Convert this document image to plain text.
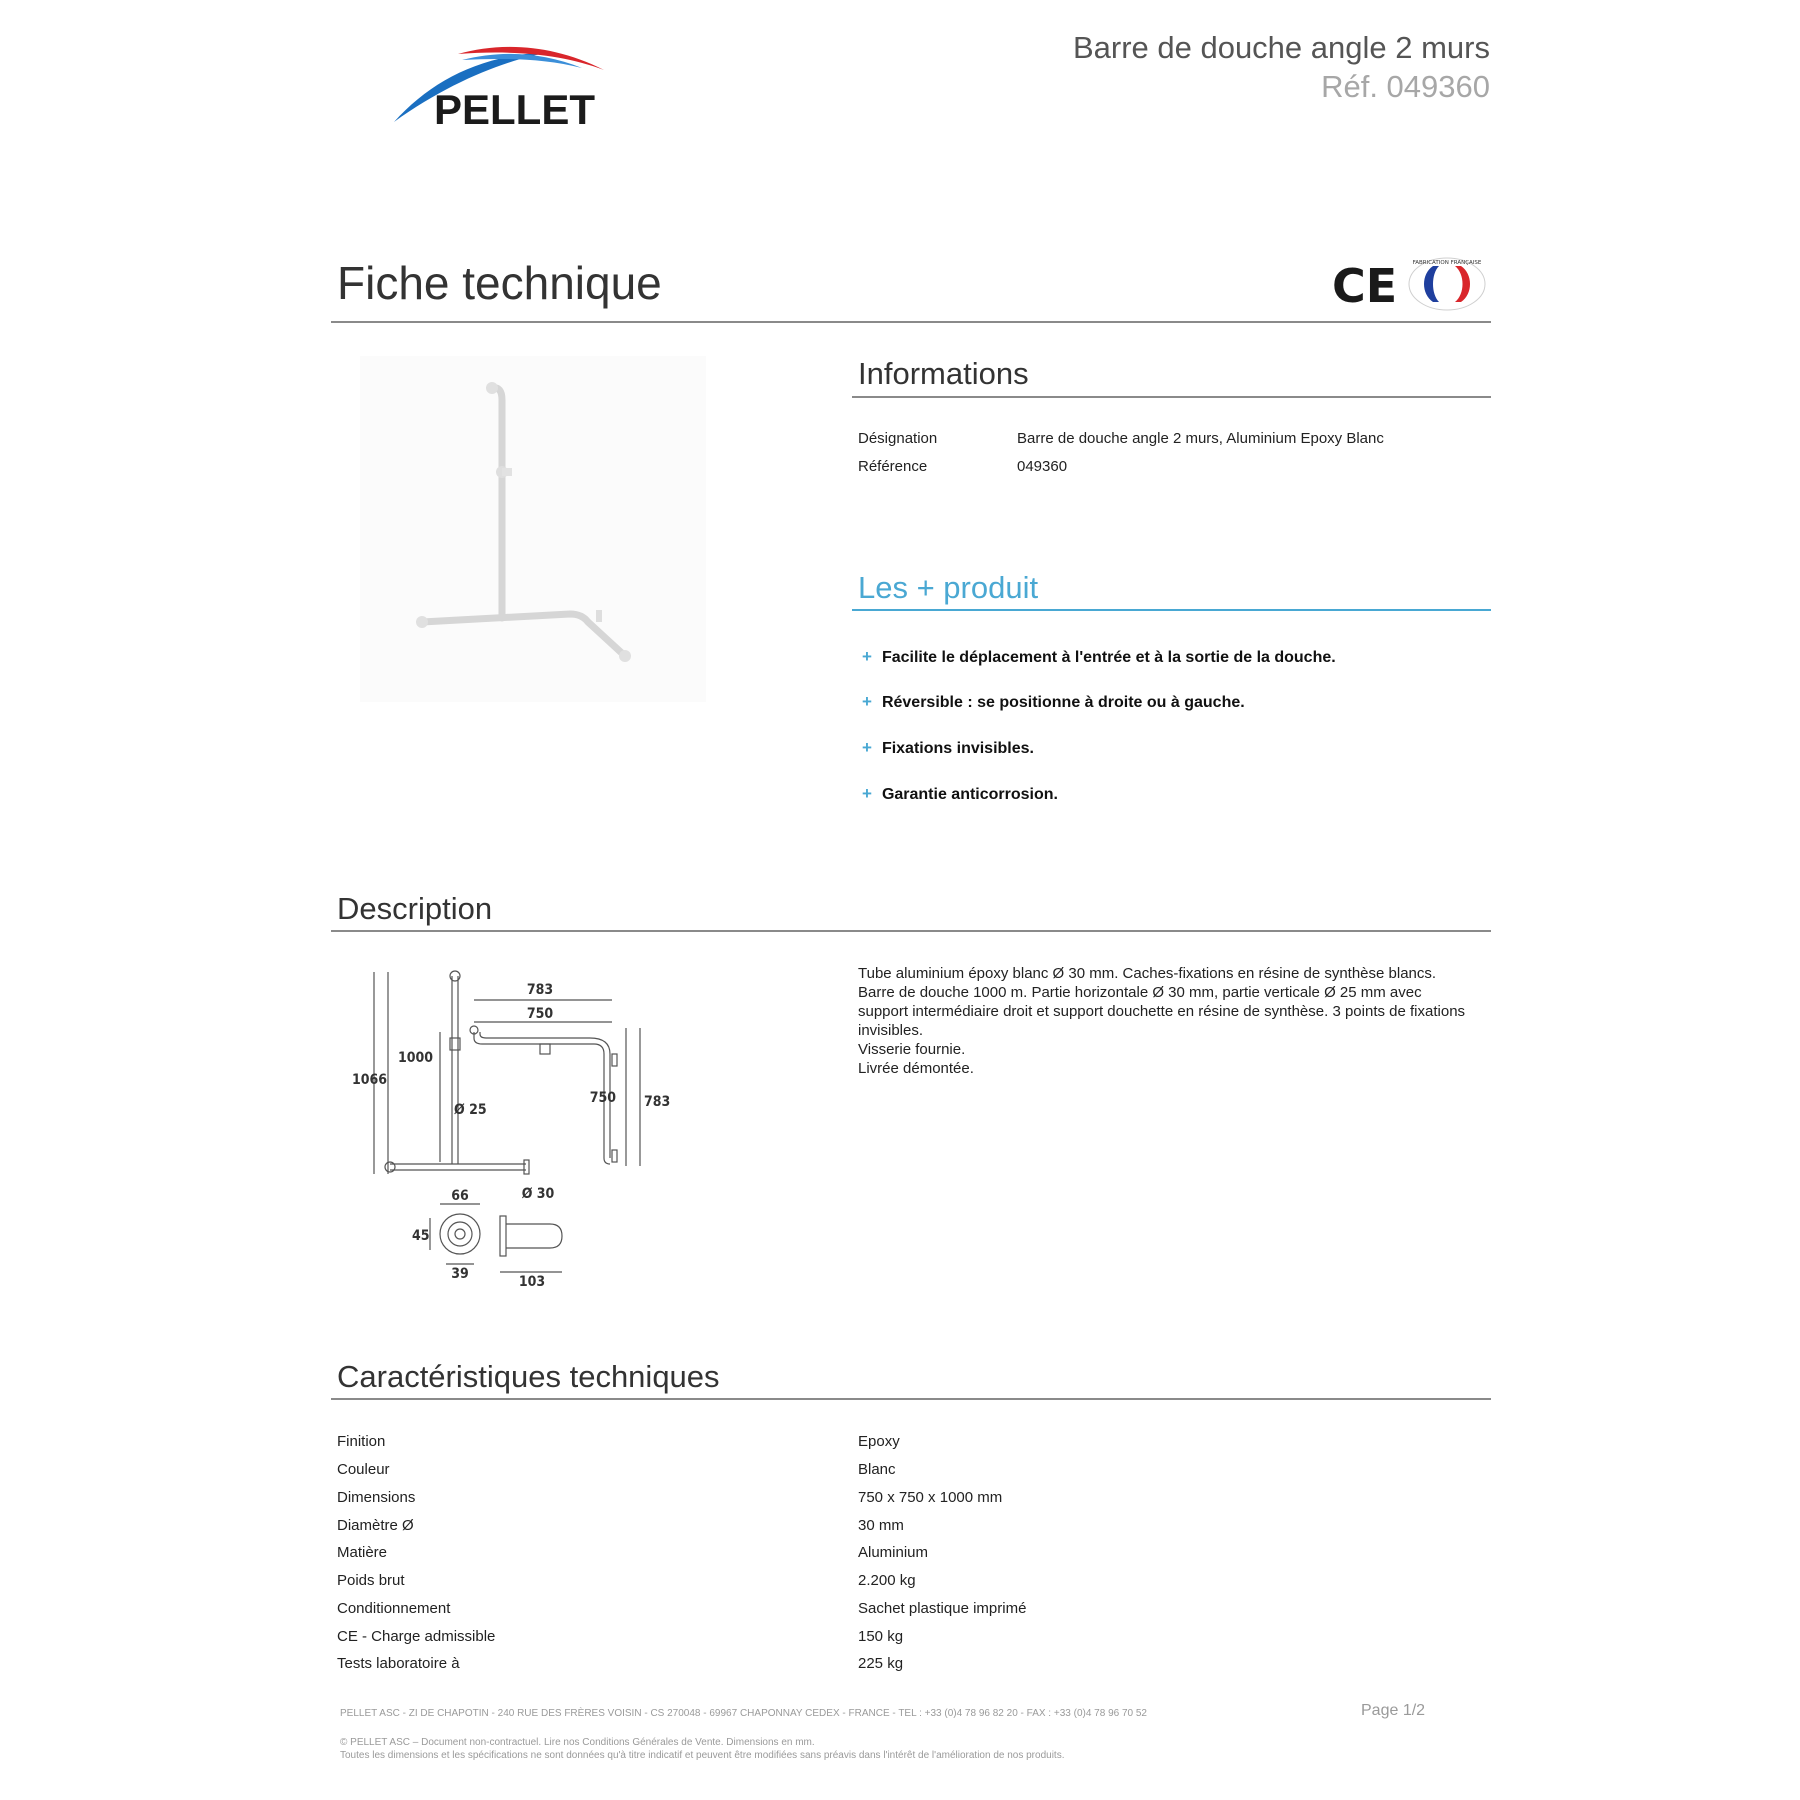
PELLET
Barre de douche angle 2 murs
Réf. 049360
Fiche technique	CE	FABRICATION FRANÇAISE
Informations
Désignation	Barre de douche angle 2 murs, Aluminium Epoxy Blanc
Référence	049360
Les + produit
+ Facilite le déplacement à l'entrée et à la sortie de la douche.
+ Réversible : se positionne à droite ou à gauche.
+ Fixations invisibles.
+ Garantie anticorrosion.
Description
783
750
1000
1066
Ø 25
750 783
66	Ø 30
45
39	103
Tube aluminium époxy blanc Ø 30 mm. Caches-fixations en résine de synthèse blancs.
Barre de douche 1000 m. Partie horizontale Ø 30 mm, partie verticale Ø 25 mm avec
support intermédiaire droit et support douchette en résine de synthèse. 3 points de fixations
invisibles.
Visserie fournie.
Livrée démontée.
Caractéristiques techniques
Finition	Epoxy
Couleur	Blanc
Dimensions	750 x 750 x 1000 mm
Diamètre Ø	30 mm
Matière	Aluminium
Poids brut	2.200 kg
Conditionnement	Sachet plastique imprimé
CE - Charge admissible	150 kg
Tests laboratoire à	225 kg
PELLET ASC - ZI DE CHAPOTIN - 240 RUE DES FRÈRES VOISIN - CS 270048 - 69967 CHAPONNAY CEDEX - FRANCE - TEL : +33 (0)4 78 96 82 20 - FAX : +33 (0)4 78 96 70 52	Page 1/2
© PELLET ASC – Document non-contractuel. Lire nos Conditions Générales de Vente. Dimensions en mm.
Toutes les dimensions et les spécifications ne sont données qu'à titre indicatif et peuvent être modifiées sans préavis dans l'intérêt de l'amélioration de nos produits.
